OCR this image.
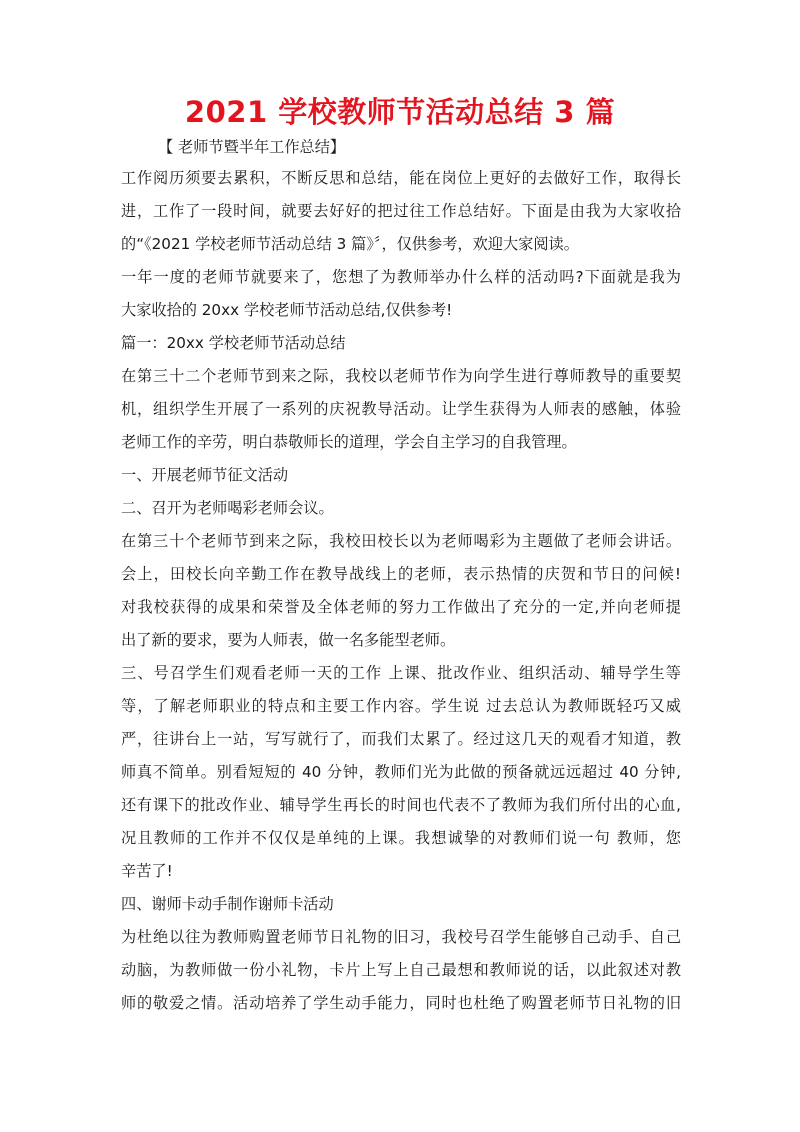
2021 学校教师节活动总结 3 篇
【 老师节暨半年工作总结】
工作阅历须要去累积，不断反思和总结，能在岗位上更好的去做好工作，取得长
进，工作了一段时间，就要去好好的把过往工作总结好。下面是由我为大家收拾
的“《2021 学校老师节活动总结 3 篇》〞，仅供参考，欢迎大家阅读。
一年一度的老师节就要来了，您想了为教师举办什么样的活动吗?下面就是我为
大家收拾的 20xx 学校老师节活动总结,仅供参考!
篇一：20xx 学校老师节活动总结
在第三十二个老师节到来之际，我校以老师节作为向学生进行尊师教导的重要契
机，组织学生开展了一系列的庆祝教导活动。让学生获得为人师表的感触，体验
老师工作的辛劳，明白恭敬师长的道理，学会自主学习的自我管理。
一、开展老师节征文活动
二、召开为老师喝彩老师会议。
在第三十个老师节到来之际，我校田校长以为老师喝彩为主题做了老师会讲话。
会上，田校长向辛勤工作在教导战线上的老师，表示热情的庆贺和节日的问候!
对我校获得的成果和荣誉及全体老师的努力工作做出了充分的一定,并向老师提
出了新的要求，要为人师表，做一名多能型老师。
三、号召学生们观看老师一天的工作 上课、批改作业、组织活动、辅导学生等
等，了解老师职业的特点和主要工作内容。学生说 过去总认为教师既轻巧又威
严，往讲台上一站，写写就行了，而我们太累了。经过这几天的观看才知道，教
师真不简单。别看短短的 40 分钟，教师们光为此做的预备就远远超过 40 分钟,
还有课下的批改作业、辅导学生再长的时间也代表不了教师为我们所付出的心血,
况且教师的工作并不仅仅是单纯的上课。我想诚挚的对教师们说一句 教师，您
辛苦了!
四、谢师卡动手制作谢师卡活动
为杜绝以往为教师购置老师节日礼物的旧习，我校号召学生能够自己动手、自己
动脑，为教师做一份小礼物，卡片上写上自己最想和教师说的话，以此叙述对教
师的敬爱之情。活动培养了学生动手能力，同时也杜绝了购置老师节日礼物的旧
